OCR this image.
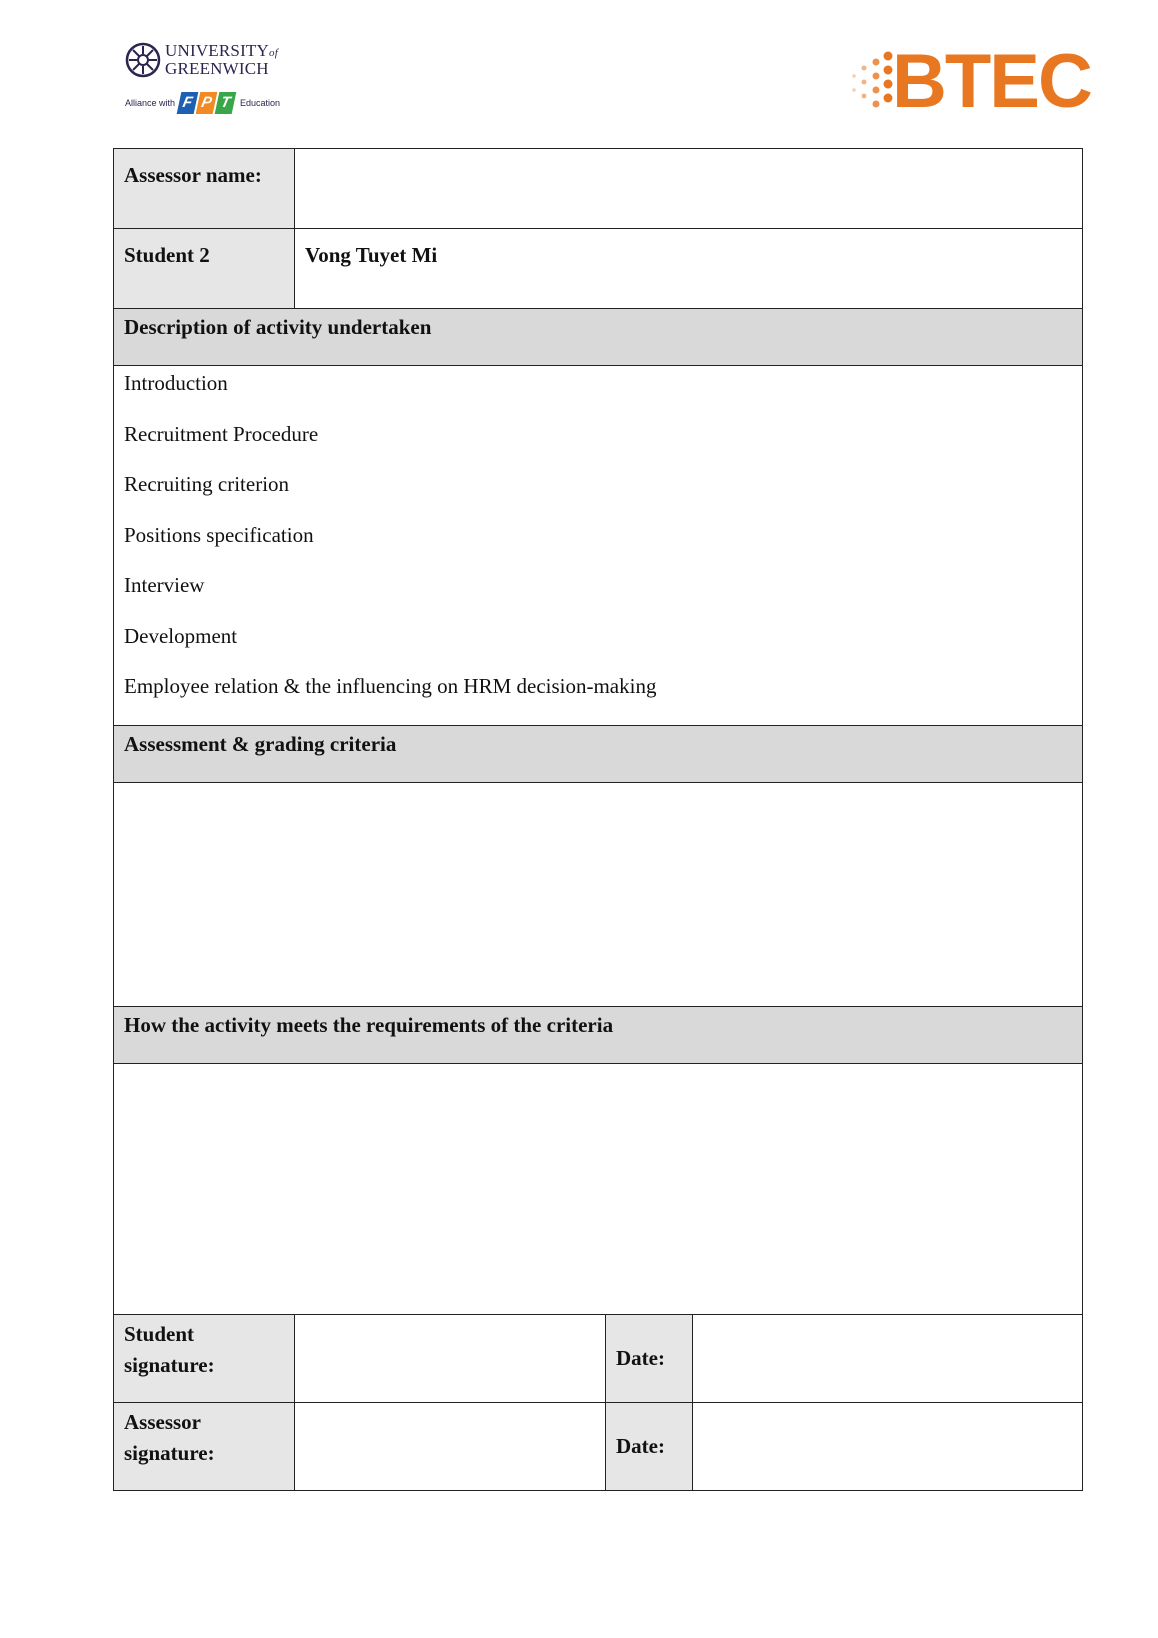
UNIVERSITYof
GREENWICH
Alliance with F P T Education	BTEC
Assessor name:
Student 2	Vong Tuyet Mi
Description of activity undertaken
Introduction
Recruitment Procedure
Recruiting criterion
Positions specification
Interview
Development
Employee relation & the influencing on HRM decision-making
Assessment & grading criteria
How the activity meets the requirements of the criteria
Student
signature:	Date:
Assessor
signature:	Date:
